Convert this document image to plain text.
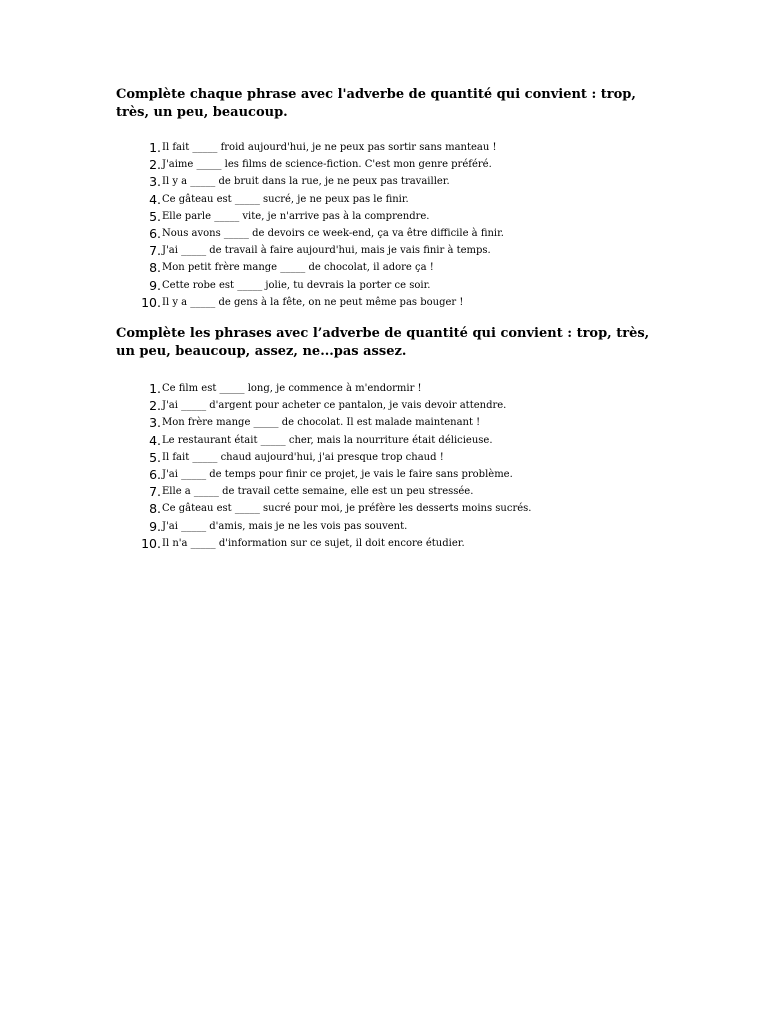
Complète chaque phrase avec l'adverbe de quantité qui convient : trop, très, un peu, beaucoup.
1. Il fait _____ froid aujourd'hui, je ne peux pas sortir sans manteau !
2. J'aime _____ les films de science-fiction. C'est mon genre préféré.
3. Il y a _____ de bruit dans la rue, je ne peux pas travailler.
4. Ce gâteau est _____ sucré, je ne peux pas le finir.
5. Elle parle _____ vite, je n'arrive pas à la comprendre.
6. Nous avons _____ de devoirs ce week-end, ça va être difficile à finir.
7. J'ai _____ de travail à faire aujourd'hui, mais je vais finir à temps.
8. Mon petit frère mange _____ de chocolat, il adore ça !
9. Cette robe est _____ jolie, tu devrais la porter ce soir.
10. Il y a _____ de gens à la fête, on ne peut même pas bouger !
Complète les phrases avec l’adverbe de quantité qui convient : trop, très, un peu, beaucoup, assez, ne...pas assez.
1. Ce film est _____ long, je commence à m'endormir !
2. J'ai _____ d'argent pour acheter ce pantalon, je vais devoir attendre.
3. Mon frère mange _____ de chocolat. Il est malade maintenant !
4. Le restaurant était _____ cher, mais la nourriture était délicieuse.
5. Il fait _____ chaud aujourd'hui, j'ai presque trop chaud !
6. J'ai _____ de temps pour finir ce projet, je vais le faire sans problème.
7. Elle a _____ de travail cette semaine, elle est un peu stressée.
8. Ce gâteau est _____ sucré pour moi, je préfère les desserts moins sucrés.
9. J'ai _____ d'amis, mais je ne les vois pas souvent.
10. Il n'a _____ d'information sur ce sujet, il doit encore étudier.
